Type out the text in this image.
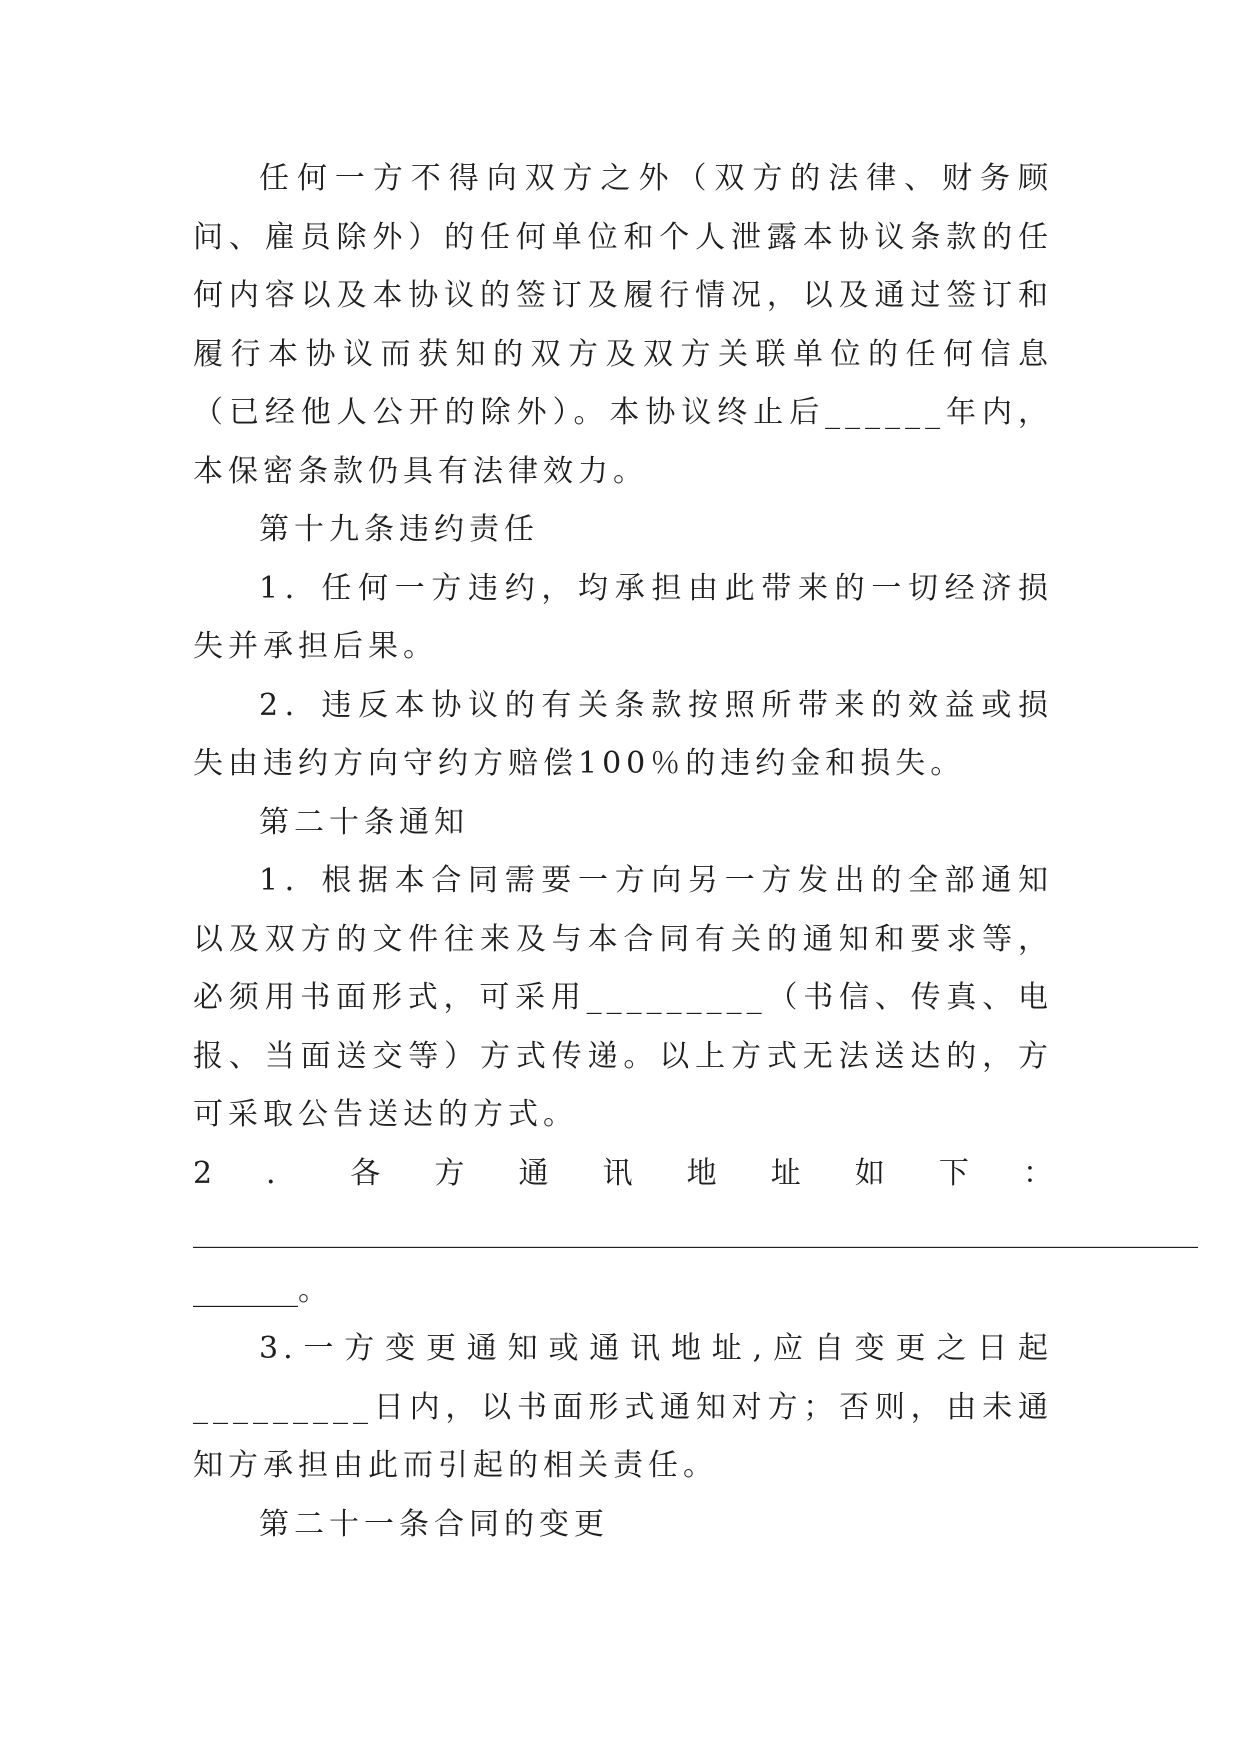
任何一方不得向双方之外（双方的法律、财务顾问、雇员除外）的任何单位和个人泄露本协议条款的任何内容以及本协议的签订及履行情况，以及通过签订和履行本协议而获知的双方及双方关联单位的任何信息（已经他人公开的除外）。本协议终止后______年内，本保密条款仍具有法律效力。

第十九条违约责任

1．任何一方违约，均承担由此带来的一切经济损失并承担后果。

2．违反本协议的有关条款按照所带来的效益或损失由违约方向守约方赔偿100％的违约金和损失。

第二十条通知

1．根据本合同需要一方向另一方发出的全部通知以及双方的文件往来及与本合同有关的通知和要求等，必须用书面形式，可采用_________（书信、传真、电报、当面送交等）方式传递。以上方式无法送达的，方可采取公告送达的方式。

2．各方通讯地址如下：

___________________________________________________________________

_______。

3.一方变更通知或通讯地址,应自变更之日起_________日内，以书面形式通知对方；否则，由未通知方承担由此而引起的相关责任。

第二十一条合同的变更
